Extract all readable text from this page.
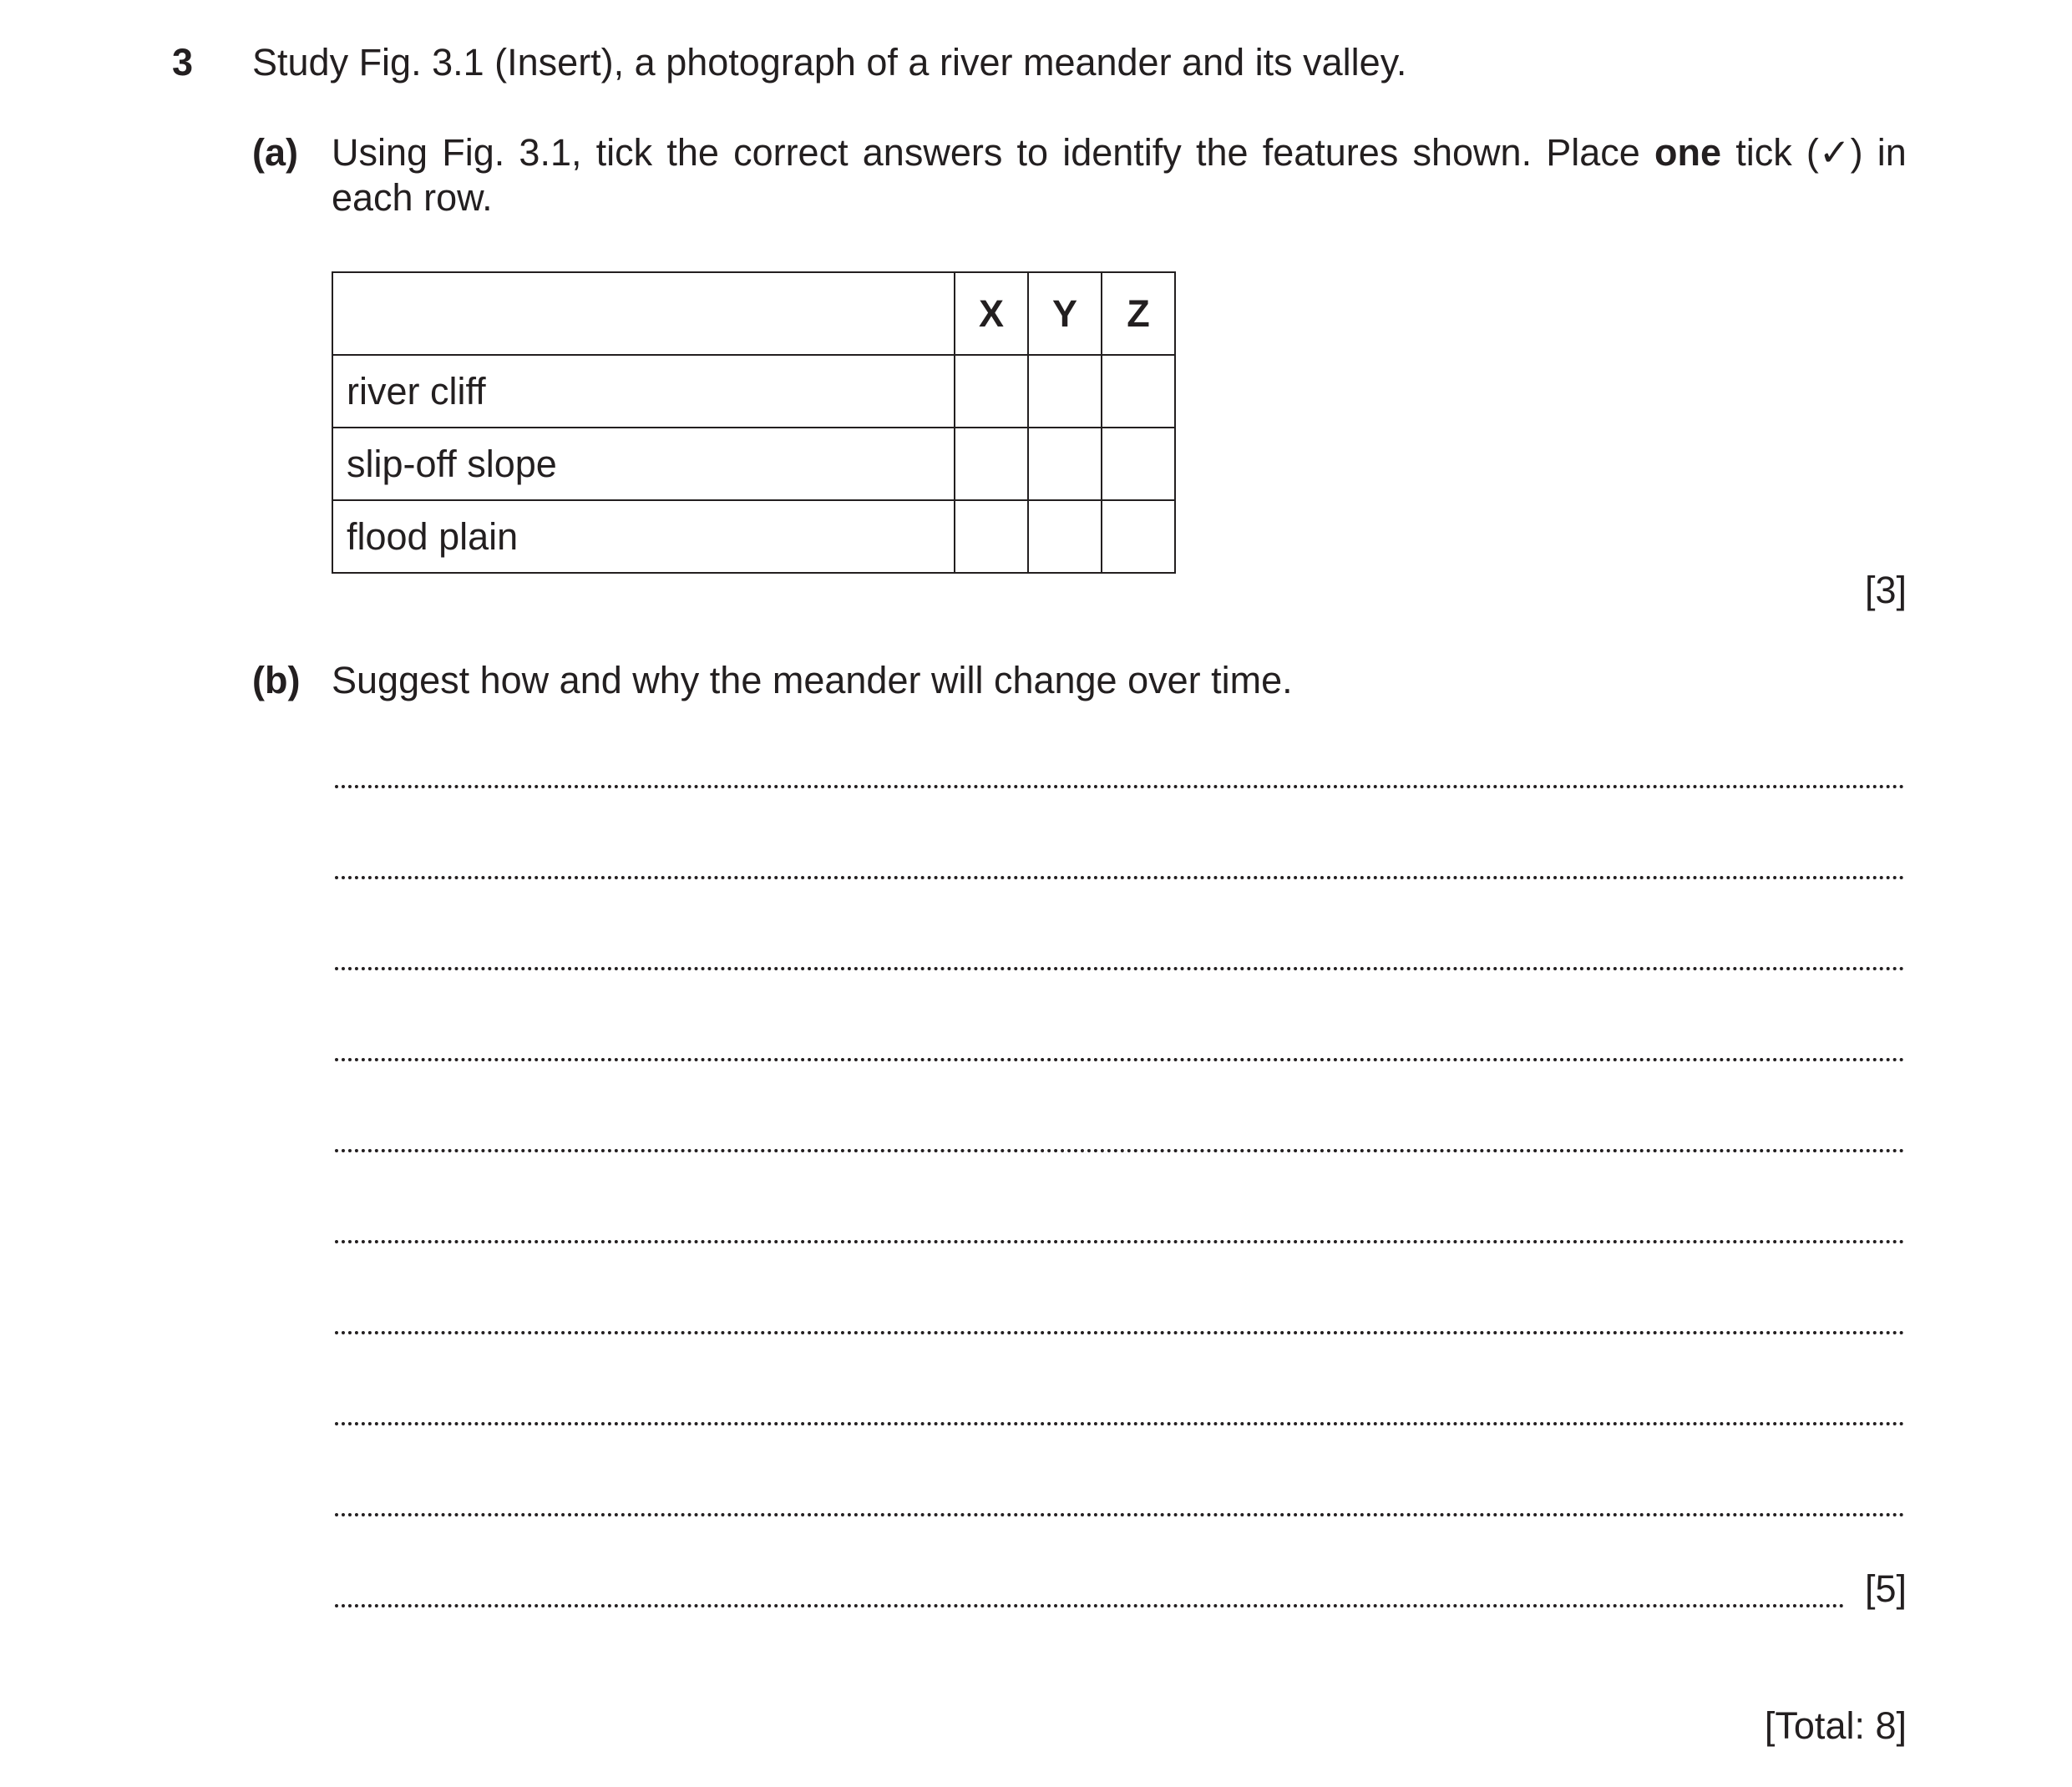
3 Study Fig. 3.1 (Insert), a photograph of a river meander and its valley.
(a) Using Fig. 3.1, tick the correct answers to identify the features shown. Place one tick (✓) in
each row.
	X	Y	Z
river cliff			
slip-off slope			
flood plain			
[3]
(b) Suggest how and why the meander will change over time.
[5]
[Total: 8]
